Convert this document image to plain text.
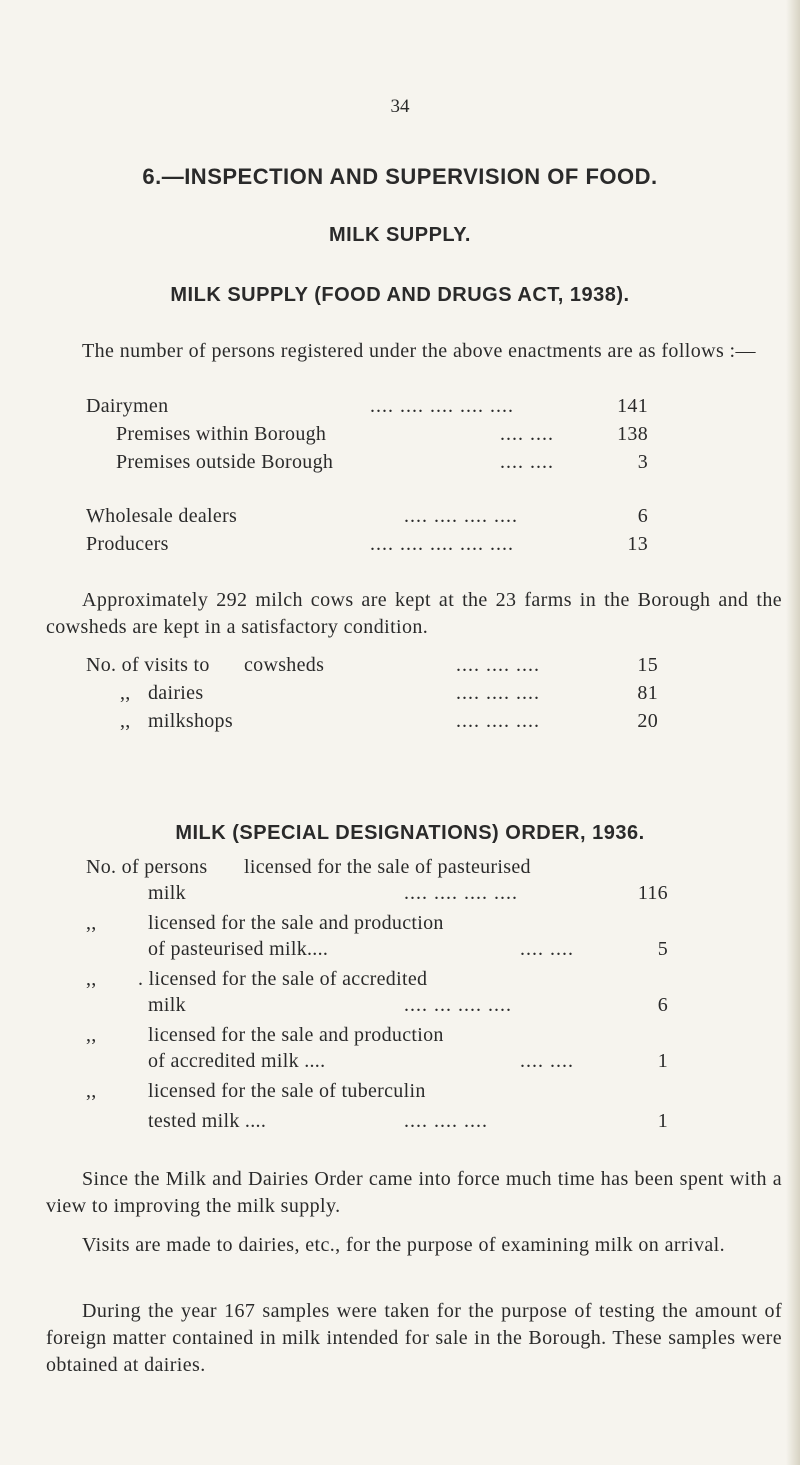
34
6.—INSPECTION AND SUPERVISION OF FOOD.
MILK SUPPLY.
MILK SUPPLY (FOOD AND DRUGS ACT, 1938).
The number of persons registered under the above enactments are as follows :—
Dairymen	.... .... .... .... ....	141
Premises within Borough	.... ....	138
Premises outside Borough	.... ....	3
Wholesale dealers	.... .... .... ....	6
Producers	.... .... .... .... ....	13
Approximately 292 milch cows are kept at the 23 farms in the Borough and the cowsheds are kept in a satisfactory condition.
No. of visits to cowsheds	.... .... ....	15
,, dairies	.... .... ....	81
,, milkshops	.... .... ....	20
MILK (SPECIAL DESIGNATIONS) ORDER, 1936.
No. of persons licensed for the sale of pasteurised
milk	.... .... .... ....	116
,,	licensed for the sale and production
of pasteurised milk....	.... ....	5
,, . licensed for the sale of accredited
milk	.... ... .... ....	6
,,	licensed for the sale and production
of accredited milk ....	.... ....	1
,,	licensed for the sale of tuberculin
tested milk ....	.... .... ....	1
Since the Milk and Dairies Order came into force much time has been spent with a view to improving the milk supply.
Visits are made to dairies, etc., for the purpose of examining milk on arrival.
During the year 167 samples were taken for the purpose of testing the amount of foreign matter contained in milk intended for sale in the Borough. These samples were obtained at dairies.
